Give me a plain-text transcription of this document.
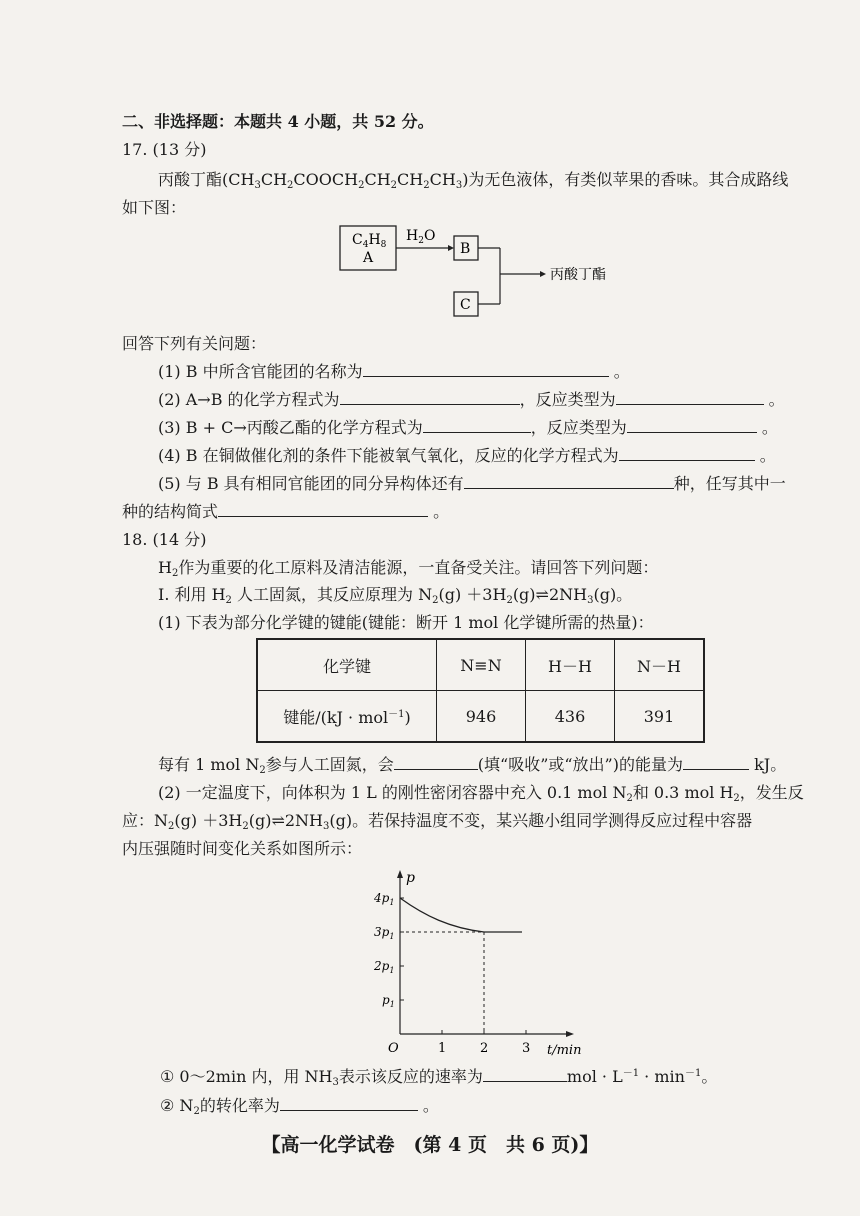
二、非选择题：本题共 4 小题，共 52 分。
17. (13 分)
丙酸丁酯$(CH_3CH_2COOCH_2CH_2CH_2CH_3)$为无色液体，有类似苹果的香味。其合成路线
如下图：
$C_4H_8$
A
$H_2O$
B
C
丙酸丁酯
回答下列有关问题：
(1) B 中所含官能团的名称为	。
(2) A→B 的化学方程式为	，反应类型为	。
(3) B + C→丙酸乙酯的化学方程式为	，反应类型为	。
(4) B 在铜做催化剂的条件下能被氧气氧化，反应的化学方程式为	。
(5) 与 B 具有相同官能团的同分异构体还有	种，任写其中一
种的结构简式	。
18. (14 分)
$H_2$作为重要的化工原料及清洁能源，一直备受关注。请回答下列问题：
Ⅰ. 利用 $H_2$ 人工固氮，其反应原理为 $N_2(g)$ $+3H_2(g)\rightleftharpoons 2NH_3(g)$。
(1) 下表为部分化学键的键能(键能：断开 1 mol 化学键所需的热量)：
化学键	N≡N	H－H	N－H
键能/(kJ · mol$^{-1}$)	946	436	391
每有 1 mol $N_2$参与人工固氮，会	(填“吸收”或“放出”)的能量为	kJ。
(2) 一定温度下，向体积为 1 L 的刚性密闭容器中充入 0.1 mol $N_2$和 0.3 mol $H_2$，发生反
应：$N_2(g)$ $+3H_2(g)\rightleftharpoons 2NH_3(g)$。若保持温度不变，某兴趣小组同学测得反应过程中容器
内压强随时间变化关系如图所示：
p
t/min
O
$4p_1$
$3p_1$
$2p_1$
$p_1$
1	2	3
① 0～2min 内，用 $NH_3$表示该反应的速率为	mol · $L^{-1} \cdot \min^{-1}$。
② $N_2$的转化率为	。
【高一化学试卷　(第 4 页　共 6 页)】
